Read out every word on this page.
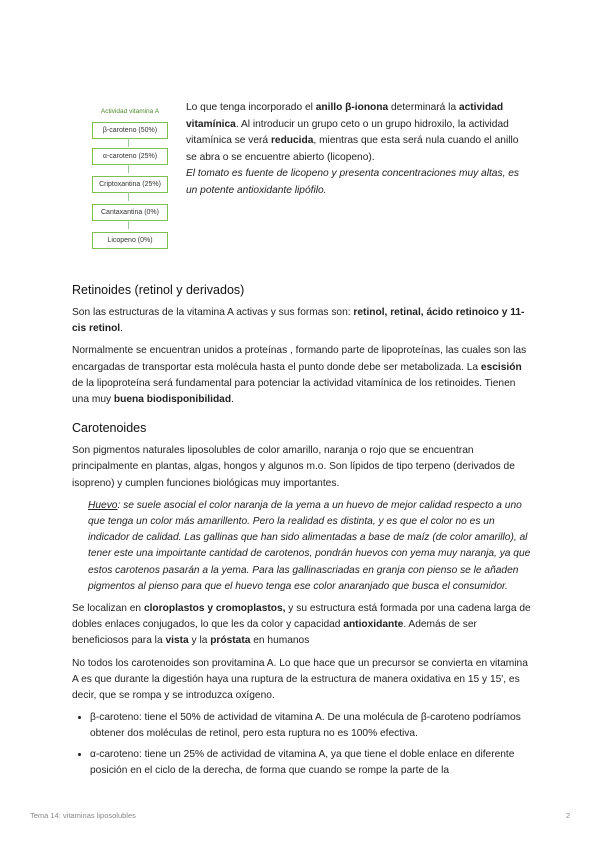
Actividad vitamina A
β-caroteno (50%)
α-caroteno (25%)
Criptoxantina (25%)
Cantaxantina (0%)
Licopeno (0%)

Lo que tenga incorporado el anillo β-ionona determinará la actividad vitamínica. Al introducir un grupo ceto o un grupo hidroxilo, la actividad vitamínica se verá reducida, mientras que esta será nula cuando el anillo se abra o se encuentre abierto (licopeno).

El tomato es fuente de licopeno y presenta concentraciones muy altas, es un potente antioxidante lipófilo.

Retinoides (retinol y derivados)

Son las estructuras de la vitamina A activas y sus formas son: retinol, retinal, ácido retinoico y 11-cis retinol.

Normalmente se encuentran unidos a proteínas , formando parte de lipoproteínas, las cuales son las encargadas de transportar esta molécula hasta el punto donde debe ser metabolizada. La escisión de la lipoproteína será fundamental para potenciar la actividad vitamínica de los retinoides. Tienen una muy buena biodisponibilidad.

Carotenoides

Son pigmentos naturales liposolubles de color amarillo, naranja o rojo que se encuentran principalmente en plantas, algas, hongos y algunos m.o. Son lípidos de tipo terpeno (derivados de isopreno) y cumplen funciones biológicas muy importantes.

Huevo: se suele asocial el color naranja de la yema a un huevo de mejor calidad respecto a uno que tenga un color más amarillento. Pero la realidad es distinta, y es que el color no es un indicador de calidad. Las gallinas que han sido alimentadas a base de maíz (de color amarillo), al tener este una impoirtante cantidad de carotenos, pondrán huevos con yema muy naranja, ya que estos carotenos pasarán a la yema. Para las gallinascriadas en granja con pienso se le añaden pigmentos al pienso para que el huevo tenga ese color anaranjado que busca el consumidor.

Se localizan en cloroplastos y cromoplastos, y su estructura está formada por una cadena larga de dobles enlaces conjugados, lo que les da color y capacidad antioxidante. Además de ser beneficiosos para la vista y la próstata en humanos

No todos los carotenoides son provitamina A. Lo que hace que un precursor se convierta en vitamina A es que durante la digestión haya una ruptura de la estructura de manera oxidativa en 15 y 15', es decir, que se rompa y se introduzca oxígeno.

• β-caroteno: tiene el 50% de actividad de vitamina A. De una molécula de β-caroteno podríamos obtener dos moléculas de retinol, pero esta ruptura no es 100% efectiva.
• α-caroteno: tiene un 25% de actividad de vitamina A, ya que tiene el doble enlace en diferente posición en el ciclo de la derecha, de forma que cuando se rompe la parte de la
Tema 14: vitaminas liposolubles	2
